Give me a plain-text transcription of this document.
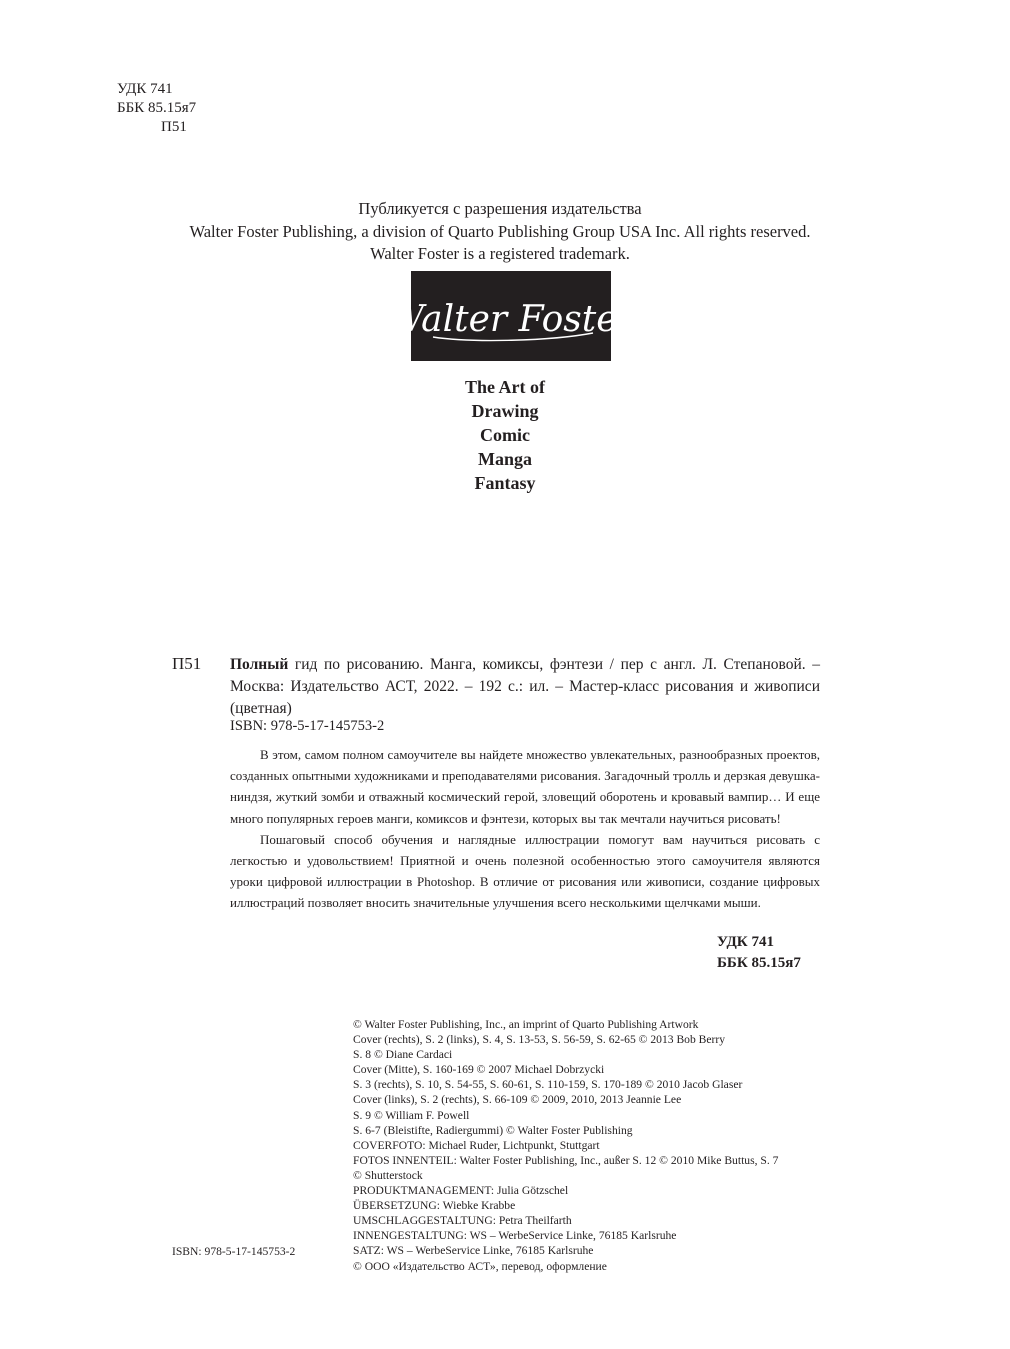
УДК 741
ББК 85.15я7
П51
Публикуется с разрешения издательства
Walter Foster Publishing, a division of Quarto Publishing Group USA Inc. All rights reserved.
Walter Foster is a registered trademark.
Walter Foster
The Art of
Drawing
Comic
Manga
Fantasy
П51 Полный гид по рисованию. Манга, комиксы, фэнтези / пер с англ. Л. Степановой. – Москва: Издательство АСТ, 2022. – 192 с.: ил. – Мастер-класс рисования и живописи (цветная)
ISBN: 978-5-17-145753-2

В этом, самом полном самоучителе вы найдете множество увлекательных, разнообразных проектов, созданных опытными художниками и преподавателями рисования. Загадочный тролль и дерзкая девушка-ниндзя, жуткий зомби и отважный космический герой, зловещий оборотень и кровавый вампир… И еще много популярных героев манги, комиксов и фэнтези, которых вы так мечтали научиться рисовать!

Пошаговый способ обучения и наглядные иллюстрации помогут вам научиться рисовать с легкостью и удовольствием! Приятной и очень полезной особенностью этого самоучителя являются уроки цифровой иллюстрации в Photoshop. В отличие от рисования или живописи, создание цифровых иллюстраций позволяет вносить значительные улучшения всего несколькими щелчками мыши.

УДК 741
ББК 85.15я7
© Walter Foster Publishing, Inc., an imprint of Quarto Publishing Artwork
Cover (rechts), S. 2 (links), S. 4, S. 13-53, S. 56-59, S. 62-65 © 2013 Bob Berry
S. 8 © Diane Cardaci
Cover (Mitte), S. 160-169 © 2007 Michael Dobrzycki
S. 3 (rechts), S. 10, S. 54-55, S. 60-61, S. 110-159, S. 170-189 © 2010 Jacob Glaser
Cover (links), S. 2 (rechts), S. 66-109 © 2009, 2010, 2013 Jeannie Lee
S. 9 © William F. Powell
S. 6-7 (Bleistifte, Radiergummi) © Walter Foster Publishing
COVERFOTO: Michael Ruder, Lichtpunkt, Stuttgart
FOTOS INNENTEIL: Walter Foster Publishing, Inc., außer S. 12 © 2010 Mike Buttus, S. 7
© Shutterstock
PRODUKTMANAGEMENT: Julia Götzschel
ÜBERSETZUNG: Wiebke Krabbe
UMSCHLAGGESTALTUNG: Petra Theilfarth
INNENGESTALTUNG: WS – WerbeService Linke, 76185 Karlsruhe
SATZ: WS – WerbeService Linke, 76185 Karlsruhe
© ООО «Издательство АСТ», перевод, оформление
ISBN: 978-5-17-145753-2
